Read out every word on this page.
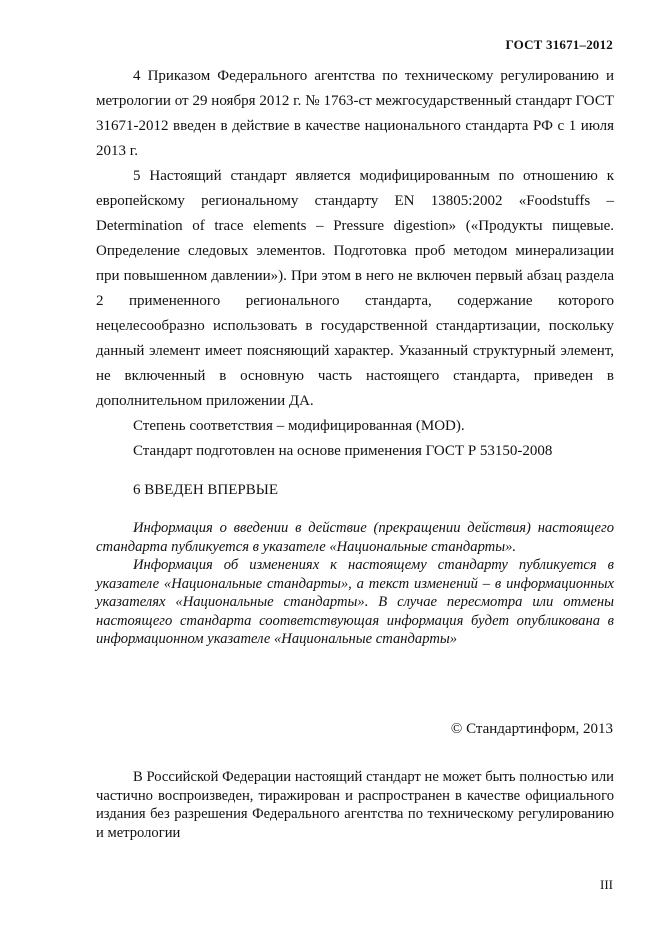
ГОСТ 31671–2012

4 Приказом Федерального агентства по техническому регулированию и метрологии от 29 ноября 2012 г. № 1763-ст межгосударственный стандарт ГОСТ 31671-2012 введен в действие в качестве национального стандарта РФ с 1 июля 2013 г.

5 Настоящий стандарт является модифицированным по отношению к европейскому региональному стандарту EN 13805:2002 «Foodstuffs – Determination of trace elements – Pressure digestion» («Продукты пищевые. Определение следовых элементов. Подготовка проб методом минерализации при повышенном давлении»). При этом в него не включен первый абзац раздела 2 примененного регионального стандарта, содержание которого нецелесообразно использовать в государственной стандартизации, поскольку данный элемент имеет поясняющий характер. Указанный структурный элемент, не включенный в основную часть настоящего стандарта, приведен в дополнительном приложении ДА.

Степень соответствия – модифицированная (MOD).

Стандарт подготовлен на основе применения ГОСТ Р 53150-2008

6 ВВЕДЕН ВПЕРВЫЕ

Информация о введении в действие (прекращении действия) настоящего стандарта публикуется в указателе «Национальные стандарты».

Информация об изменениях к настоящему стандарту публикуется в указателе «Национальные стандарты», а текст изменений – в информационных указателях «Национальные стандарты». В случае пересмотра или отмены настоящего стандарта соответствующая информация будет опубликована в информационном указателе «Национальные стандарты»

© Стандартинформ, 2013

В Российской Федерации настоящий стандарт не может быть полностью или частично воспроизведен, тиражирован и распространен в качестве официального издания без разрешения Федерального агентства по техническому регулированию и метрологии

III
